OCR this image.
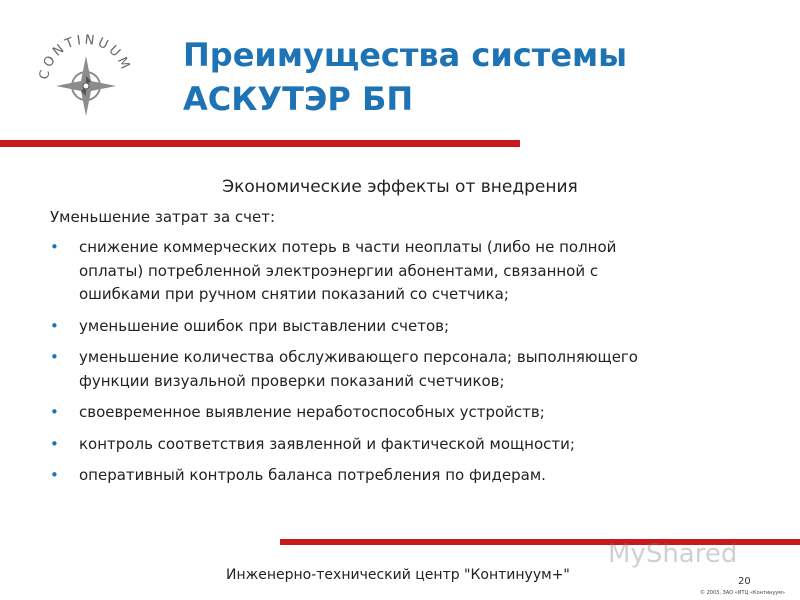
CONTINUUM Преимущества системы
АСКУТЭР БП
Экономические эффекты от внедрения
Уменьшение затрат за счет:
• снижение коммерческих потерь в части неоплаты (либо не полной
оплаты) потребленной электроэнергии абонентами, связанной с
ошибками при ручном снятии показаний со счетчика;
• уменьшение ошибок при выставлении счетов;
• уменьшение количества обслуживающего персонала; выполняющего
функции визуальной проверки показаний счетчиков;
• своевременное выявление неработоспособных устройств;
• контроль соответствия заявленной и фактической мощности;
• оперативный контроль баланса потребления по фидерам.
MyShared
Инженерно-технический центр "Континуум+"	20
© 2003, ЗАО «ИТЦ «Континуум»
